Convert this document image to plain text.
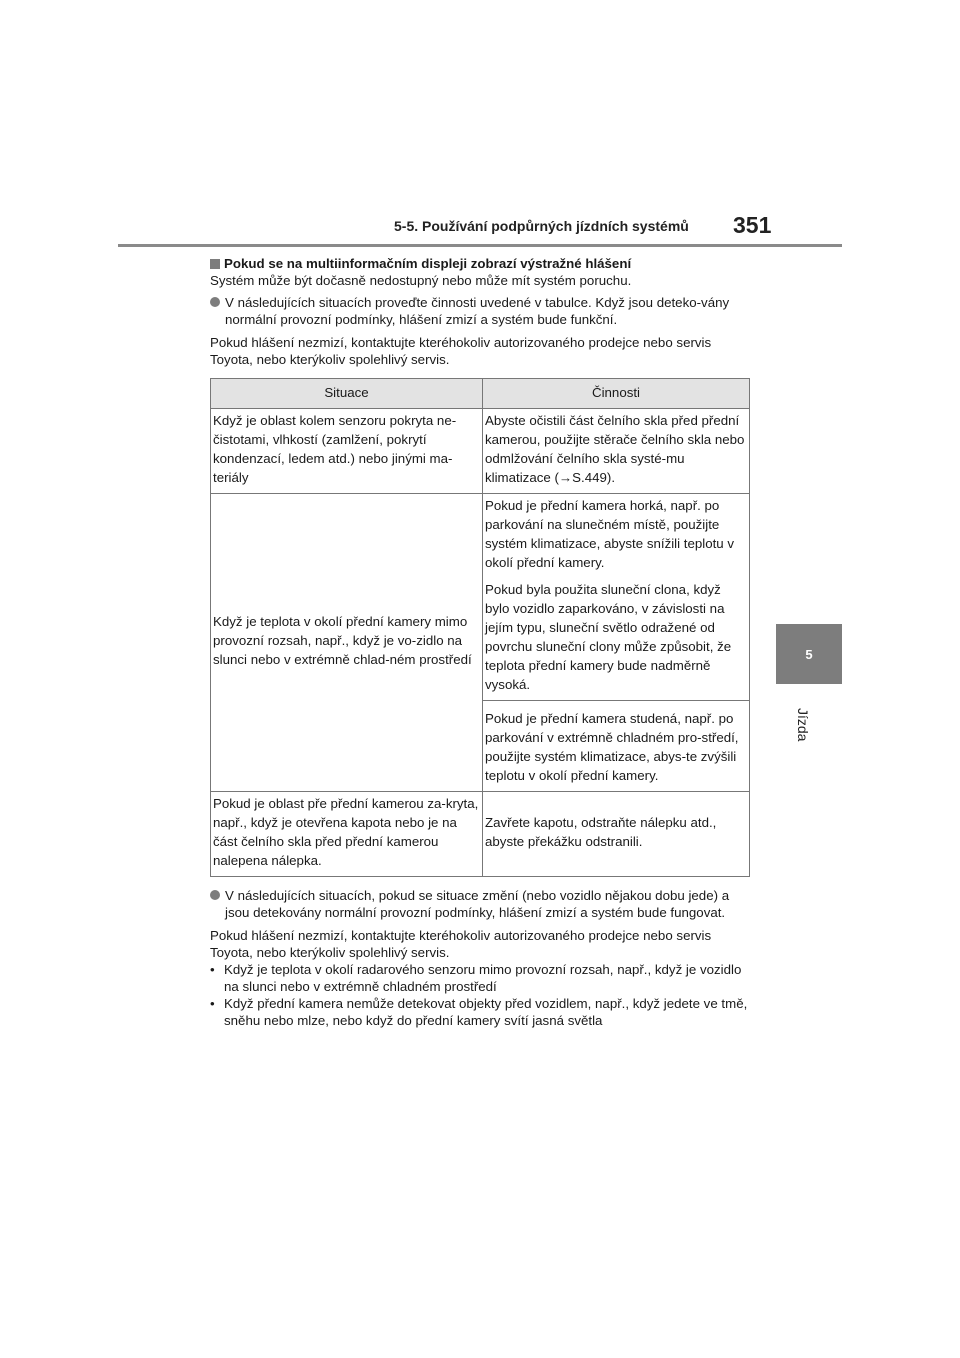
5-5. Používání podpůrných jízdních systémů 351
5
Jízda

Pokud se na multiinformačním displeji zobrazí výstražné hlášení

Systém může být dočasně nedostupný nebo může mít systém poruchu.

V následujících situacích proveďte činnosti uvedené v tabulce. Když jsou deteko-vány normální provozní podmínky, hlášení zmizí a systém bude funkční.

Pokud hlášení nezmizí, kontaktujte kteréhokoliv autorizovaného prodejce nebo servis Toyota, nebo kterýkoliv spolehlivý servis.

Situace	Činnosti
Když je oblast kolem senzoru pokryta ne-čistotami, vlhkostí (zamlžení, pokrytí kondenzací, ledem atd.) nebo jinými ma-teriály	Abyste očistili část čelního skla před přední kamerou, použijte stěrače čelního skla nebo odmlžování čelního skla systé-mu klimatizace (→S.449).
Když je teplota v okolí přední kamery mimo provozní rozsah, např., když je vo-zidlo na slunci nebo v extrémně chlad-ném prostředí	Pokud je přední kamera horká, např. po parkování na slunečném místě, použijte systém klimatizace, abyste snížili teplotu v okolí přední kamery.
Pokud byla použita sluneční clona, když bylo vozidlo zaparkováno, v závislosti na jejím typu, sluneční světlo odražené od povrchu sluneční clony může způsobit, že teplota přední kamery bude nadměrně vysoká.
Pokud je přední kamera studená, např. po parkování v extrémně chladném pro-středí, použijte systém klimatizace, abys-te zvýšili teplotu v okolí přední kamery.

Pokud je oblast pře přední kamerou za-kryta, např., když je otevřena kapota nebo je na část čelního skla před přední kamerou nalepena nálepka.	Zavřete kapotu, odstraňte nálepku atd., abyste překážku odstranili.
V následujících situacích, pokud se situace změní (nebo vozidlo nějakou dobu jede) a jsou detekovány normální provozní podmínky, hlášení zmizí a systém bude fungovat.

Pokud hlášení nezmizí, kontaktujte kteréhokoliv autorizovaného prodejce nebo servis Toyota, nebo kterýkoliv spolehlivý servis.

• Když je teplota v okolí radarového senzoru mimo provozní rozsah, např., když je vozidlo na slunci nebo v extrémně chladném prostředí
• Když přední kamera nemůže detekovat objekty před vozidlem, např., když jedete ve tmě, sněhu nebo mlze, nebo když do přední kamery svítí jasná světla
